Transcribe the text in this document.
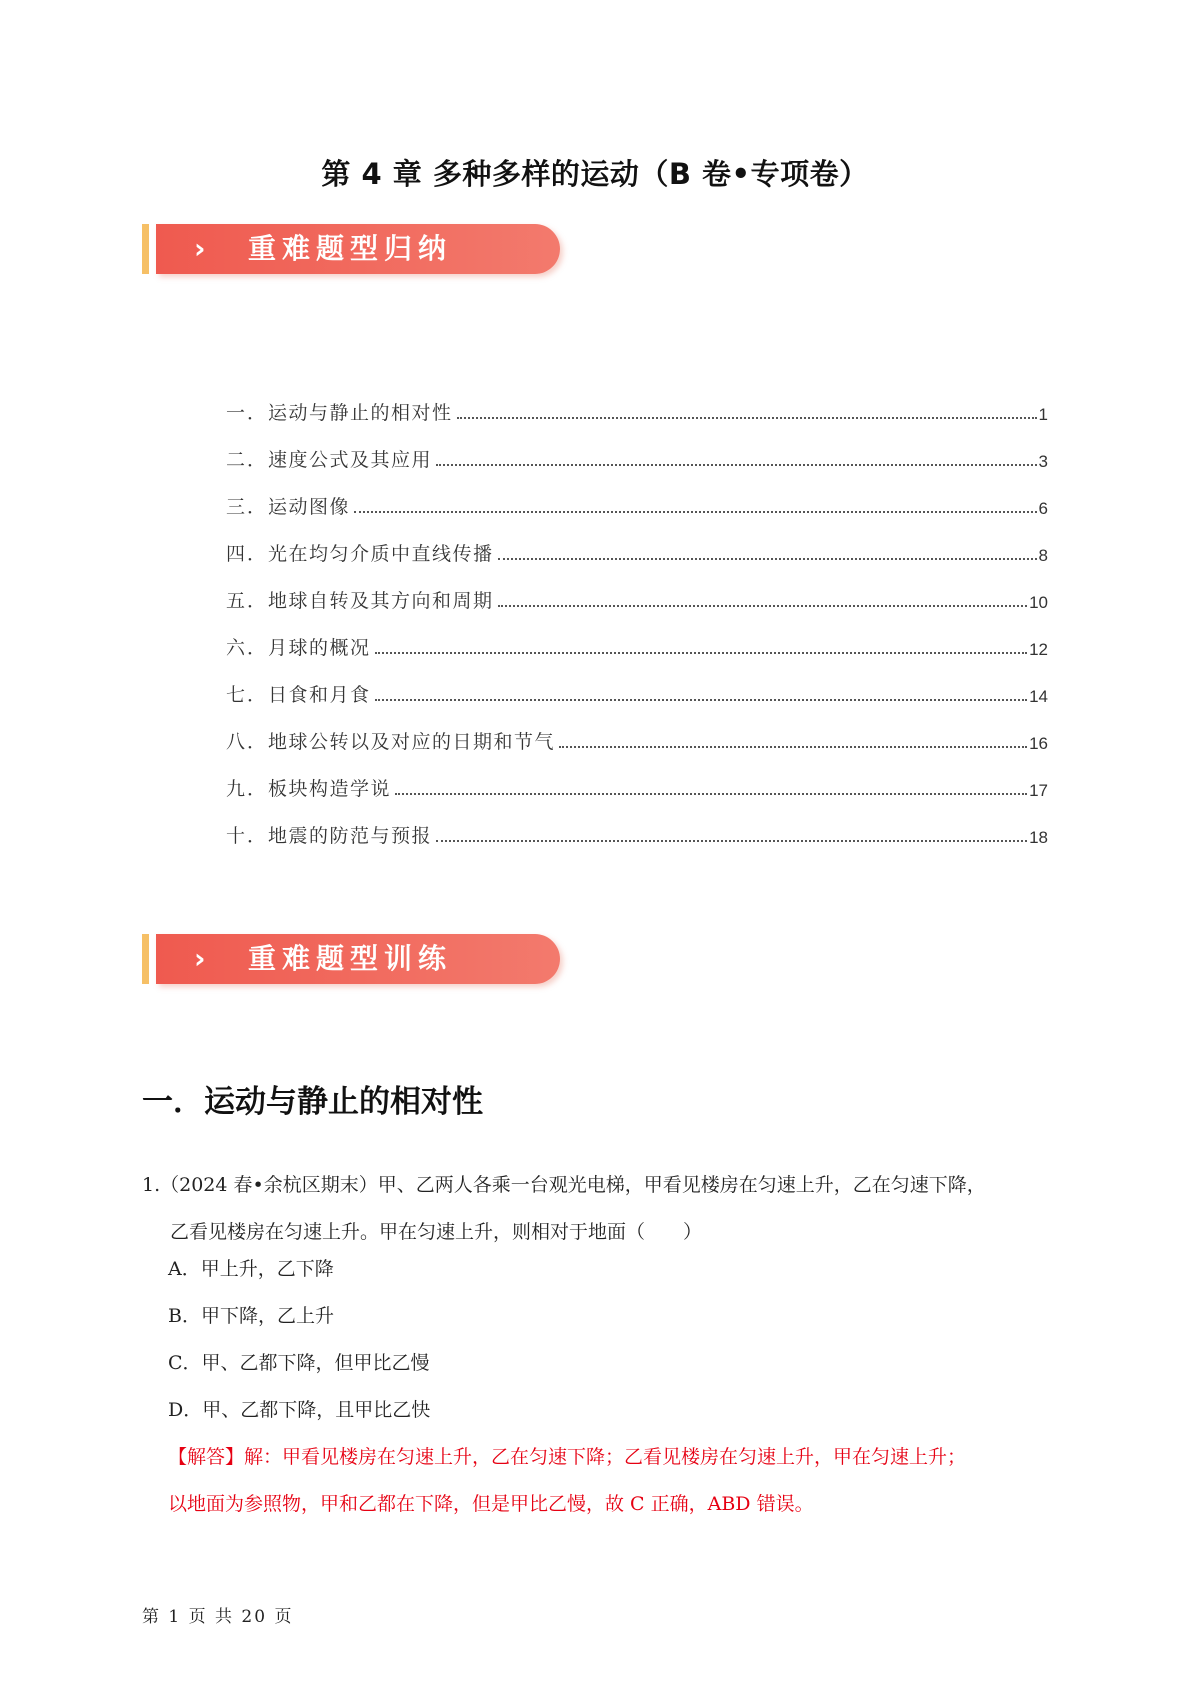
第 4 章 多种多样的运动（B 卷•专项卷）
› 重难题型归纳
一． 运动与静止的相对性	1
二． 速度公式及其应用	3
三． 运动图像	6
四． 光在均匀介质中直线传播	8
五． 地球自转及其方向和周期	10
六． 月球的概况	12
七． 日食和月食	14
八． 地球公转以及对应的日期和节气	16
九． 板块构造学说	17
十． 地震的防范与预报	18
› 重难题型训练
一．运动与静止的相对性
1.（2024 春•余杭区期末）甲、乙两人各乘一台观光电梯，甲看见楼房在匀速上升，乙在匀速下降，
乙看见楼房在匀速上升。甲在匀速上升，则相对于地面（　　）
A．甲上升，乙下降
B．甲下降，乙上升
C．甲、乙都下降，但甲比乙慢
D．甲、乙都下降，且甲比乙快
【解答】解：甲看见楼房在匀速上升，乙在匀速下降；乙看见楼房在匀速上升，甲在匀速上升；
以地面为参照物，甲和乙都在下降，但是甲比乙慢，故 C 正确，ABD 错误。
第 1 页 共 20 页
